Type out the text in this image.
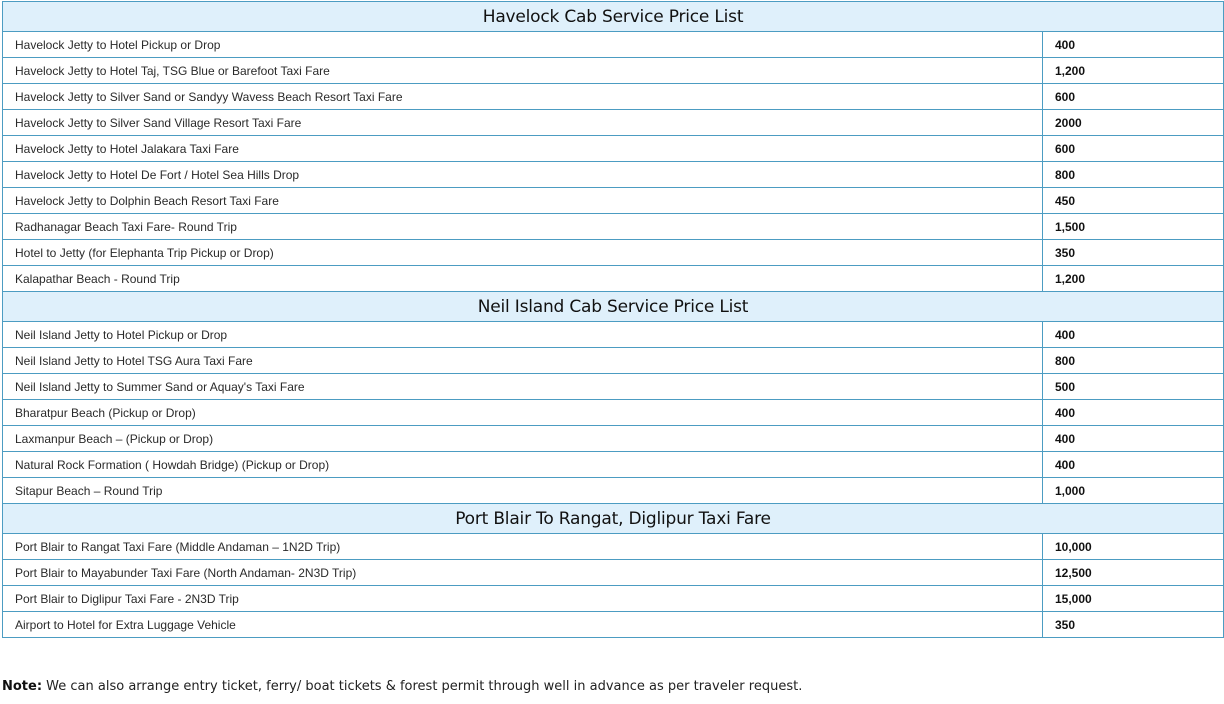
Havelock Cab Service Price List	
Havelock Jetty to Hotel Pickup or Drop	400
Havelock Jetty to Hotel Taj, TSG Blue or Barefoot Taxi Fare	1,200
Havelock Jetty to Silver Sand or Sandyy Wavess Beach Resort Taxi Fare	600
Havelock Jetty to Silver Sand Village Resort Taxi Fare	2000
Havelock Jetty to Hotel Jalakara Taxi Fare	600
Havelock Jetty to Hotel De Fort / Hotel Sea Hills Drop	800
Havelock Jetty to Dolphin Beach Resort Taxi Fare	450
Radhanagar Beach Taxi Fare- Round Trip	1,500
Hotel to Jetty (for Elephanta Trip Pickup or Drop)	350
Kalapathar Beach - Round Trip	1,200
Neil Island Cab Service Price List	
Neil Island Jetty to Hotel Pickup or Drop	400
Neil Island Jetty to Hotel TSG Aura Taxi Fare	800
Neil Island Jetty to Summer Sand or Aquay's Taxi Fare	500
Bharatpur Beach (Pickup or Drop)	400
Laxmanpur Beach – (Pickup or Drop)	400
Natural Rock Formation ( Howdah Bridge) (Pickup or Drop)	400
Sitapur Beach – Round Trip	1,000
Port Blair To Rangat, Diglipur Taxi Fare	
Port Blair to Rangat Taxi Fare (Middle Andaman – 1N2D Trip)	10,000
Port Blair to Mayabunder Taxi Fare (North Andaman- 2N3D Trip)	12,500
Port Blair to Diglipur Taxi Fare - 2N3D Trip	15,000
Airport to Hotel for Extra Luggage Vehicle	350
Note: We can also arrange entry ticket, ferry/ boat tickets & forest permit through well in advance as per traveler request.
